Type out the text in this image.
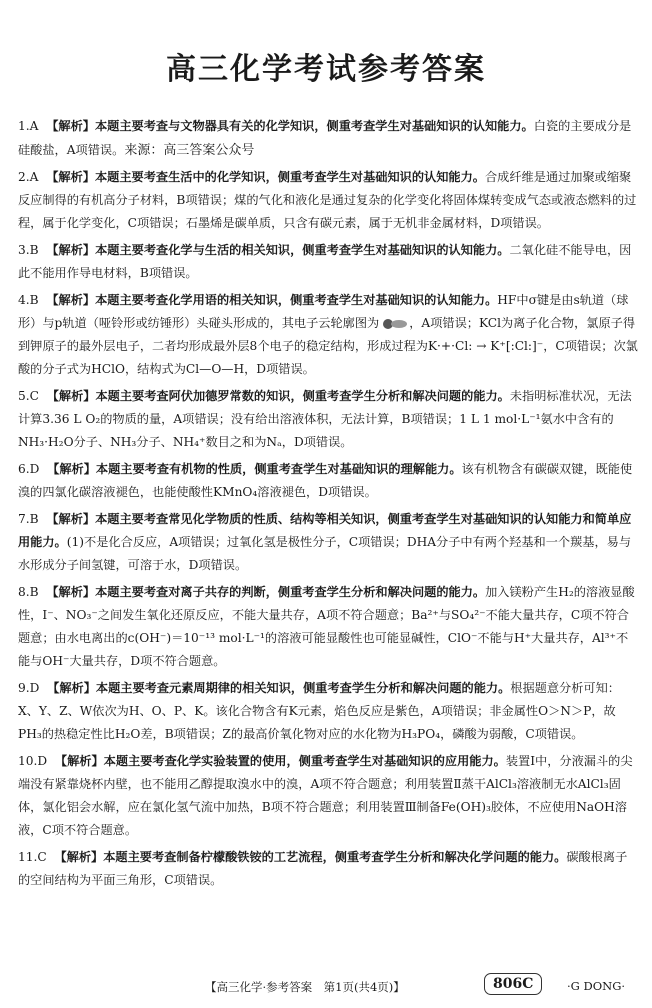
高三化学考试参考答案

1.A 【解析】本题主要考查与文物器具有关的化学知识，侧重考查学生对基础知识的认知能力。白瓷的主要成分是硅酸盐，A项错误。来源：高三答案公众号

2.A 【解析】本题主要考查生活中的化学知识，侧重考查学生对基础知识的认知能力。合成纤维是通过加聚或缩聚反应制得的有机高分子材料，B项错误；煤的气化和液化是通过复杂的化学变化将固体煤转变成气态或液态燃料的过程，属于化学变化，C项错误；石墨烯是碳单质，只含有碳元素，属于无机非金属材料，D项错误。

3.B 【解析】本题主要考查化学与生活的相关知识，侧重考查学生对基础知识的认知能力。二氧化硅不能导电，因此不能用作导电材料，B项错误。

4.B 【解析】本题主要考查化学用语的相关知识，侧重考查学生对基础知识的认知能力。HF中σ键是由s轨道（球形）与p轨道（哑铃形或纺锤形）头碰头形成的，其电子云轮廓图为 ，A项错误；KCl为离子化合物，氯原子得到钾原子的最外层电子，二者均形成最外层8个电子的稳定结构，形成过程为K·+·Cl: → K⁺[:Cl:]⁻，C项错误；次氯酸的分子式为HClO，结构式为Cl—O—H，D项错误。

5.C 【解析】本题主要考查阿伏加德罗常数的知识，侧重考查学生分析和解决问题的能力。未指明标准状况，无法计算3.36 L O₂的物质的量，A项错误；没有给出溶液体积，无法计算，B项错误；1 L 1 mol·L⁻¹氨水中含有的NH₃·H₂O分子、NH₃分子、NH₄⁺数目之和为Nₐ，D项错误。

6.D 【解析】本题主要考查有机物的性质，侧重考查学生对基础知识的理解能力。该有机物含有碳碳双键，既能使溴的四氯化碳溶液褪色，也能使酸性KMnO₄溶液褪色，D项错误。

7.B 【解析】本题主要考查常见化学物质的性质、结构等相关知识，侧重考查学生对基础知识的认知能力和简单应用能力。(1)不是化合反应，A项错误；过氧化氢是极性分子，C项错误；DHA分子中有两个羟基和一个羰基，易与水形成分子间氢键，可溶于水，D项错误。

8.B 【解析】本题主要考查对离子共存的判断，侧重考查学生分析和解决问题的能力。加入镁粉产生H₂的溶液显酸性，I⁻、NO₃⁻之间发生氧化还原反应，不能大量共存，A项不符合题意；Ba²⁺与SO₄²⁻不能大量共存，C项不符合题意；由水电离出的c(OH⁻)＝10⁻¹³ mol·L⁻¹的溶液可能显酸性也可能显碱性，ClO⁻不能与H⁺大量共存，Al³⁺不能与OH⁻大量共存，D项不符合题意。

9.D 【解析】本题主要考查元素周期律的相关知识，侧重考查学生分析和解决问题的能力。根据题意分析可知：X、Y、Z、W依次为H、O、P、K。该化合物含有K元素，焰色反应是紫色，A项错误；非金属性O＞N＞P，故PH₃的热稳定性比H₂O差，B项错误；Z的最高价氧化物对应的水化物为H₃PO₄，磷酸为弱酸，C项错误。

10.D 【解析】本题主要考查化学实验装置的使用，侧重考查学生对基础知识的应用能力。装置Ⅰ中，分液漏斗的尖端没有紧靠烧杯内壁，也不能用乙醇提取溴水中的溴，A项不符合题意；利用装置Ⅱ蒸干AlCl₃溶液制无水AlCl₃固体，氯化铝会水解，应在氯化氢气流中加热，B项不符合题意；利用装置Ⅲ制备Fe(OH)₃胶体，不应使用NaOH溶液，C项不符合题意。

11.C 【解析】本题主要考查制备柠檬酸铁铵的工艺流程，侧重考查学生分析和解决化学问题的能力。碳酸根离子的空间结构为平面三角形，C项错误。

【高三化学·参考答案　第1页(共4页)】	806C	·G DONG·
